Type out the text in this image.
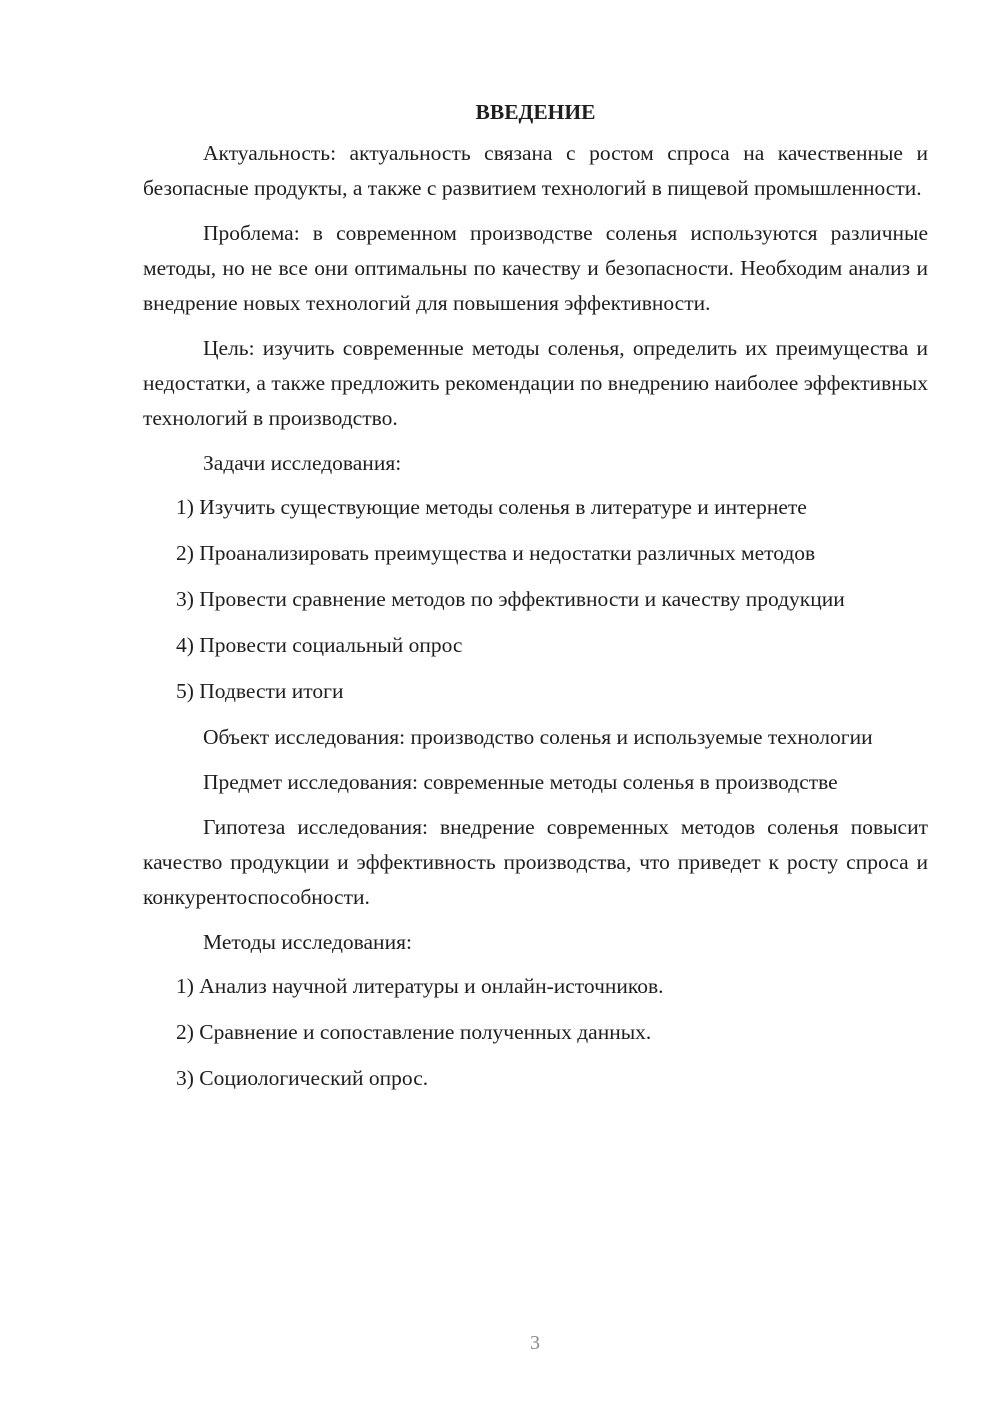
ВВЕДЕНИЕ

Актуальность: актуальность связана с ростом спроса на качественные и безопасные продукты, а также с развитием технологий в пищевой промышленности.

Проблема: в современном производстве соленья используются различные методы, но не все они оптимальны по качеству и безопасности. Необходим анализ и внедрение новых технологий для повышения эффективности.

Цель: изучить современные методы соленья, определить их преимущества и недостатки, а также предложить рекомендации по внедрению наиболее эффективных технологий в производство.

Задачи исследования:

1) Изучить существующие методы соленья в литературе и интернете

2) Проанализировать преимущества и недостатки различных методов

3) Провести сравнение методов по эффективности и качеству продукции

4) Провести социальный опрос

5) Подвести итоги

Объект исследования: производство соленья и используемые технологии

Предмет исследования: современные методы соленья в производстве

Гипотеза исследования: внедрение современных методов соленья повысит качество продукции и эффективность производства, что приведет к росту спроса и конкурентоспособности.

Методы исследования:

1) Анализ научной литературы и онлайн-источников.

2) Сравнение и сопоставление полученных данных.

3) Социологический опрос.

3
